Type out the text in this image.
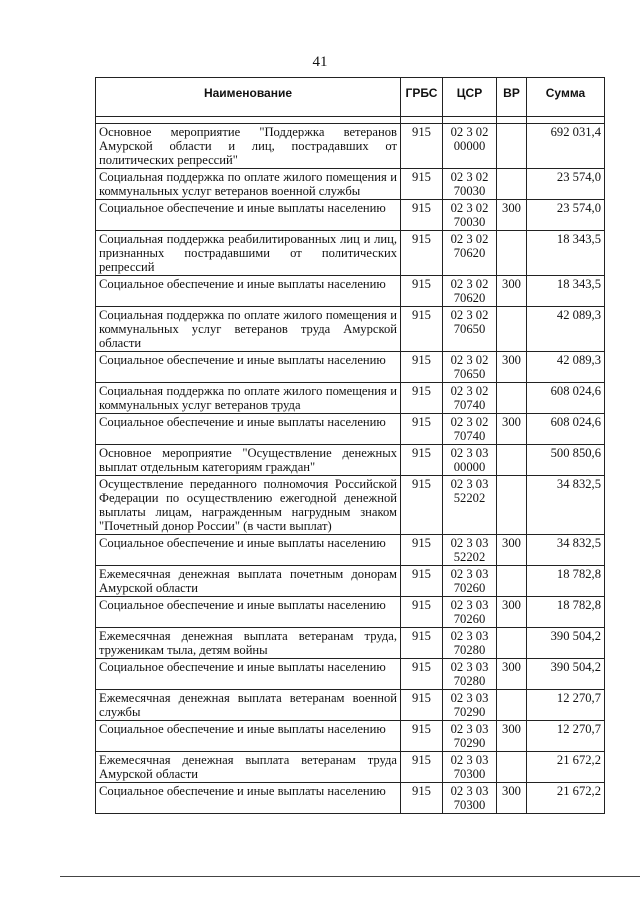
41
Наименование	ГРБС	ЦСР	ВР	Сумма

Основное мероприятие "Поддержка ветеранов Амурской области и лиц, пострадавших от политических репрессий"	915	02 3 02 00000		692 031,4
Социальная поддержка по оплате жилого помещения и коммунальных услуг ветеранов военной службы	915	02 3 02 70030		23 574,0
Социальное обеспечение и иные выплаты населению	915	02 3 02 70030	300	23 574,0
Социальная поддержка реабилитированных лиц и лиц, признанных пострадавшими от политических репрессий	915	02 3 02 70620		18 343,5
Социальное обеспечение и иные выплаты населению	915	02 3 02 70620	300	18 343,5
Социальная поддержка по оплате жилого помещения и коммунальных услуг ветеранов труда Амурской области	915	02 3 02 70650		42 089,3
Социальное обеспечение и иные выплаты населению	915	02 3 02 70650	300	42 089,3
Социальная поддержка по оплате жилого помещения и коммунальных услуг ветеранов труда	915	02 3 02 70740		608 024,6
Социальное обеспечение и иные выплаты населению	915	02 3 02 70740	300	608 024,6
Основное мероприятие "Осуществление денежных выплат отдельным категориям граждан"	915	02 3 03 00000		500 850,6
Осуществление переданного полномочия Российской Федерации по осуществлению ежегодной денежной выплаты лицам, награжденным нагрудным знаком "Почетный донор России" (в части выплат)	915	02 3 03 52202		34 832,5
Социальное обеспечение и иные выплаты населению	915	02 3 03 52202	300	34 832,5
Ежемесячная денежная выплата почетным донорам Амурской области	915	02 3 03 70260		18 782,8
Социальное обеспечение и иные выплаты населению	915	02 3 03 70260	300	18 782,8
Ежемесячная денежная выплата ветеранам труда, труженикам тыла, детям войны	915	02 3 03 70280		390 504,2
Социальное обеспечение и иные выплаты населению	915	02 3 03 70280	300	390 504,2
Ежемесячная денежная выплата ветеранам военной службы	915	02 3 03 70290		12 270,7
Социальное обеспечение и иные выплаты населению	915	02 3 03 70290	300	12 270,7
Ежемесячная денежная выплата ветеранам труда Амурской области	915	02 3 03 70300		21 672,2
Социальное обеспечение и иные выплаты населению	915	02 3 03 70300	300	21 672,2
